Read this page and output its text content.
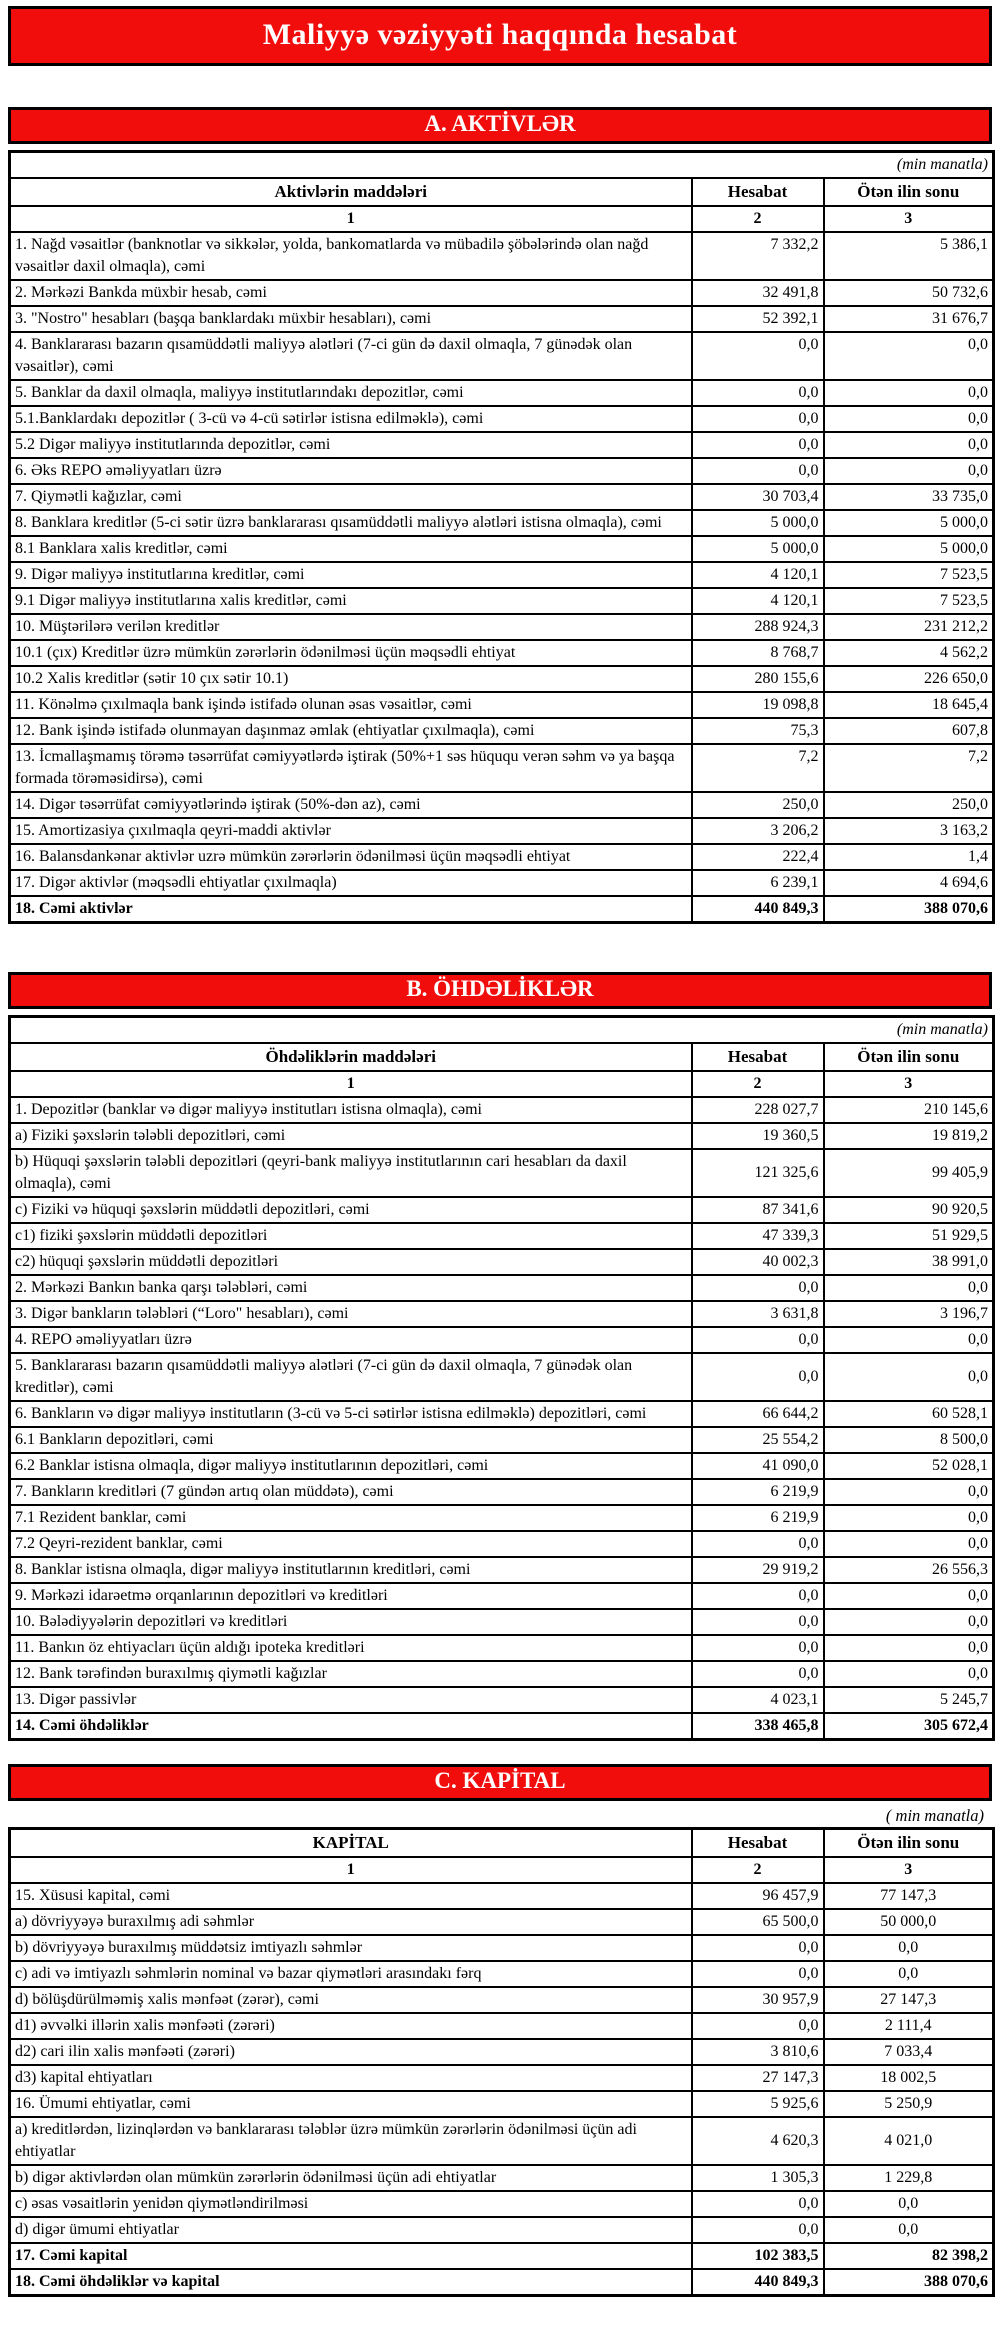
Maliyyə vəziyyəti haqqında hesabat
A. AKTİVLƏR
(min manatla)		
Aktivlərin maddələri	Hesabat	Ötən ilin sonu
1	2	3
1. Nağd vəsaitlər (banknotlar və sikkələr, yolda, bankomatlarda və mübadilə şöbələrində olan nağd vəsaitlər daxil olmaqla), cəmi	7 332,2	5 386,1
2. Mərkəzi Bankda müxbir hesab, cəmi	32 491,8	50 732,6
3. "Nostro" hesabları (başqa banklardakı müxbir hesabları), cəmi	52 392,1	31 676,7
4. Banklararası bazarın qısamüddətli maliyyə alətləri (7-ci gün də daxil olmaqla, 7 günədək olan vəsaitlər), cəmi	0,0	0,0
5. Banklar da daxil olmaqla, maliyyə institutlarındakı depozitlər, cəmi	0,0	0,0
5.1.Banklardakı depozitlər ( 3-cü və 4-cü sətirlər istisna edilməklə), cəmi	0,0	0,0
5.2 Digər maliyyə institutlarında depozitlər, cəmi	0,0	0,0
6. Əks REPO əməliyyatları üzrə	0,0	0,0
7. Qiymətli kağızlar, cəmi	30 703,4	33 735,0
8. Banklara kreditlər (5-ci sətir üzrə banklararası qısamüddətli maliyyə alətləri istisna olmaqla), cəmi	5 000,0	5 000,0
8.1 Banklara xalis kreditlər, cəmi	5 000,0	5 000,0
9. Digər maliyyə institutlarına kreditlər, cəmi	4 120,1	7 523,5
9.1 Digər maliyyə institutlarına xalis kreditlər, cəmi	4 120,1	7 523,5
10. Müştərilərə verilən kreditlər	288 924,3	231 212,2
10.1 (çıx) Kreditlər üzrə mümkün zərərlərin ödənilməsi üçün məqsədli ehtiyat	8 768,7	4 562,2
10.2 Xalis kreditlər (sətir 10 çıx sətir 10.1)	280 155,6	226 650,0
11. Könəlmə çıxılmaqla bank işində istifadə olunan əsas vəsaitlər, cəmi	19 098,8	18 645,4
12. Bank işində istifadə olunmayan daşınmaz əmlak (ehtiyatlar çıxılmaqla), cəmi	75,3	607,8
13. İcmallaşmamış törəmə təsərrüfat cəmiyyətlərdə iştirak (50%+1 səs hüququ verən səhm və ya başqa formada törəməsidirsə), cəmi	7,2	7,2
14. Digər təsərrüfat cəmiyyətlərində iştirak (50%-dən az), cəmi	250,0	250,0
15. Amortizasiya çıxılmaqla qeyri-maddi aktivlər	3 206,2	3 163,2
16. Balansdankənar aktivlər uzrə mümkün zərərlərin ödənilməsi üçün məqsədli ehtiyat	222,4	1,4
17. Digər aktivlər (məqsədli ehtiyatlar çıxılmaqla)	6 239,1	4 694,6
18. Cəmi aktivlər	440 849,3	388 070,6
B. ÖHDƏLİKLƏR
(min manatla)		
Öhdəliklərin maddələri	Hesabat	Ötən ilin sonu
1	2	3
1. Depozitlər (banklar və digər maliyyə institutları istisna olmaqla), cəmi	228 027,7	210 145,6
a) Fiziki şəxslərin tələbli depozitləri, cəmi	19 360,5	19 819,2
b) Hüquqi şəxslərin tələbli depozitləri (qeyri-bank maliyyə institutlarının cari hesabları da daxil olmaqla), cəmi	121 325,6	99 405,9
c) Fiziki və hüquqi şəxslərin müddətli depozitləri, cəmi	87 341,6	90 920,5
c1) fiziki şəxslərin müddətli depozitləri	47 339,3	51 929,5
c2) hüquqi şəxslərin müddətli depozitləri	40 002,3	38 991,0
2. Mərkəzi Bankın banka qarşı tələbləri, cəmi	0,0	0,0
3. Digər bankların tələbləri (“Loro" hesabları), cəmi	3 631,8	3 196,7
4. REPO əməliyyatları üzrə	0,0	0,0
5. Banklararası bazarın qısamüddətli maliyyə alətləri (7-ci gün də daxil olmaqla, 7 günədək olan kreditlər), cəmi	0,0	0,0
6. Bankların və digər maliyyə institutların (3-cü və 5-ci sətirlər istisna edilməklə) depozitləri, cəmi	66 644,2	60 528,1
6.1 Bankların depozitləri, cəmi	25 554,2	8 500,0
6.2 Banklar istisna olmaqla, digər maliyyə institutlarının depozitləri, cəmi	41 090,0	52 028,1
7. Bankların kreditləri (7 gündən artıq olan müddətə), cəmi	6 219,9	0,0
7.1 Rezident banklar, cəmi	6 219,9	0,0
7.2 Qeyri-rezident banklar, cəmi	0,0	0,0
8. Banklar istisna olmaqla, digər maliyyə institutlarının kreditləri, cəmi	29 919,2	26 556,3
9. Mərkəzi idarəetmə orqanlarının depozitləri və kreditləri	0,0	0,0
10. Bələdiyyələrin depozitləri və kreditləri	0,0	0,0
11. Bankın öz ehtiyacları üçün aldığı ipoteka kreditləri	0,0	0,0
12. Bank tərəfindən buraxılmış qiymətli kağızlar	0,0	0,0
13. Digər passivlər	4 023,1	5 245,7
14. Cəmi öhdəliklər	338 465,8	305 672,4
C. KAPİTAL
( min manatla)
KAPİTAL	Hesabat	Ötən ilin sonu
1	2	3
15. Xüsusi kapital, cəmi	96 457,9	77 147,3
a) dövriyyəyə buraxılmış adi səhmlər	65 500,0	50 000,0
b) dövriyyəyə buraxılmış müddətsiz imtiyazlı səhmlər	0,0	0,0
c) adi və imtiyazlı səhmlərin nominal və bazar qiymətləri arasındakı fərq	0,0	0,0
d) bölüşdürülməmiş xalis mənfəət (zərər), cəmi	30 957,9	27 147,3
d1) əvvəlki illərin xalis mənfəəti (zərəri)	0,0	2 111,4
d2) cari ilin xalis mənfəəti (zərəri)	3 810,6	7 033,4
d3) kapital ehtiyatları	27 147,3	18 002,5
16. Ümumi ehtiyatlar, cəmi	5 925,6	5 250,9
a) kreditlərdən, lizinqlərdən və banklararası tələblər üzrə mümkün zərərlərin ödənilməsi üçün adi ehtiyatlar	4 620,3	4 021,0
b) digər aktivlərdən olan mümkün zərərlərin ödənilməsi üçün adi ehtiyatlar	1 305,3	1 229,8
c) əsas vəsaitlərin yenidən qiymətləndirilməsi	0,0	0,0
d) digər ümumi ehtiyatlar	0,0	0,0
17. Cəmi kapital	102 383,5	82 398,2
18. Cəmi öhdəliklər və kapital	440 849,3	388 070,6
